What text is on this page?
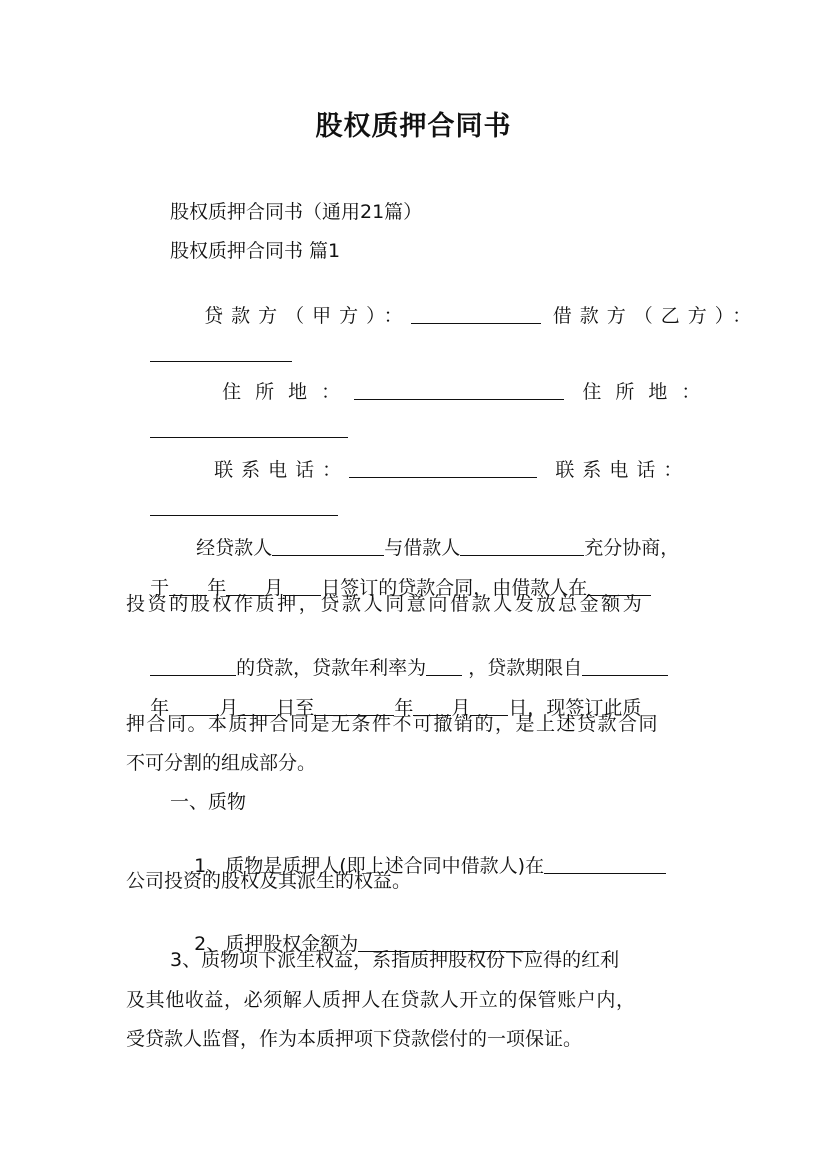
股权质押合同书
股权质押合同书（通用21篇）
股权质押合同书 篇1

贷款方（甲方）：	借款方（乙方）：

住所地：	住所地：

联系电话：	联系电话：

经贷款人	与借款人	充分协商，

于 年 月 日签订的贷款合同，由借款人在

投资的股权作质押，贷款人同意向借款人发放总金额为

的贷款，贷款年利率为 ，贷款期限自

年	月 日至	年 月 日，现签订此质

押合同。本质押合同是无条件不可撤销的，是上述贷款合同
不可分割的组成部分。
一、质物

1、质物是质押人(即上述合同中借款人)在

公司投资的股权及其派生的权益。

2、质押股权金额为

3、质物项下派生权益，系指质押股权份下应得的红利
及其他收益，必须解人质押人在贷款人开立的保管账户内，
受贷款人监督，作为本质押项下贷款偿付的一项保证。
